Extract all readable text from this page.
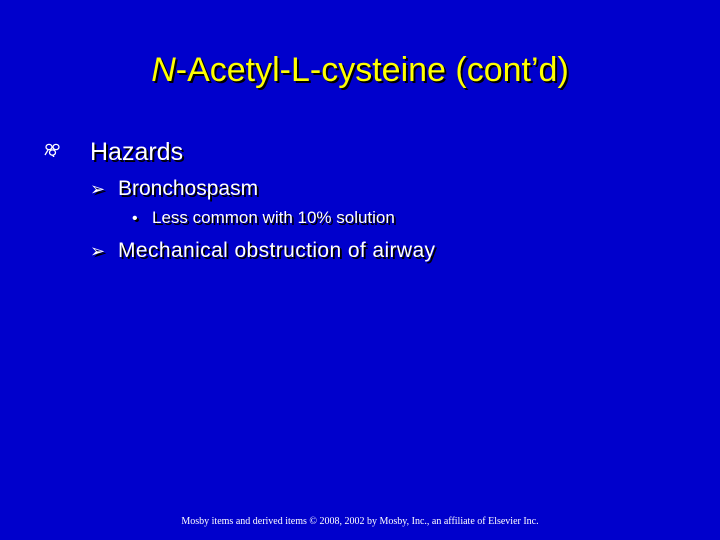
N-Acetyl-L-cysteine (cont’d)
Hazards
➢ Bronchospasm
• Less common with 10% solution
➢ Mechanical obstruction of airway
Mosby items and derived items © 2008, 2002 by Mosby, Inc., an affiliate of Elsevier Inc.
